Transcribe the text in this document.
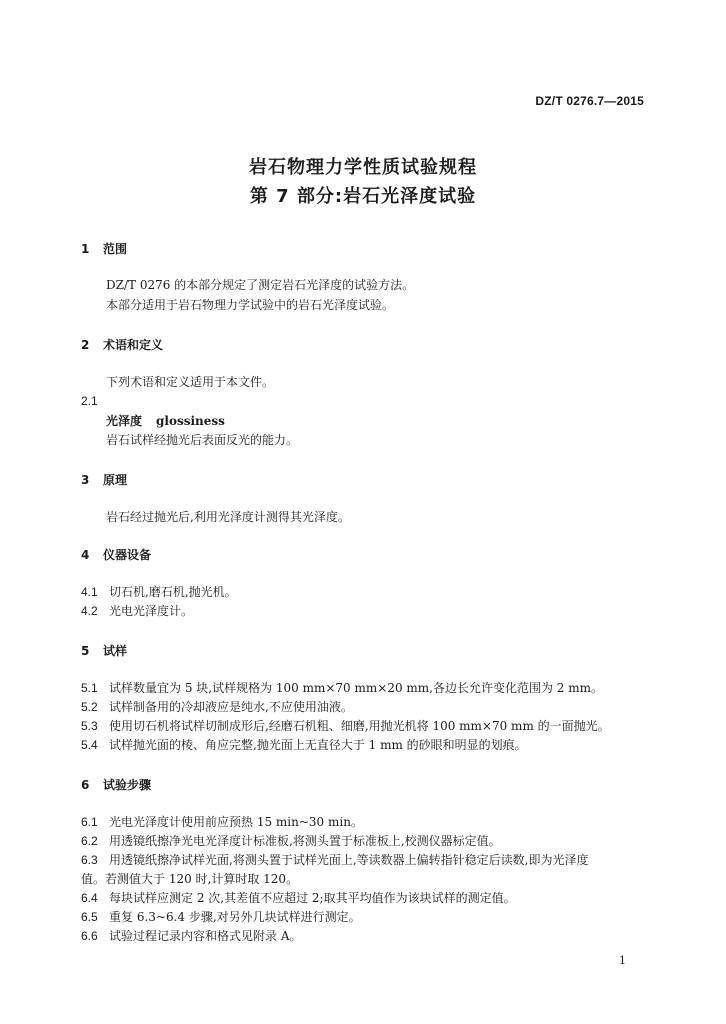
DZ/T 0276.7—2015
岩石物理力学性质试验规程
第 7 部分:岩石光泽度试验
1 范围
DZ/T 0276 的本部分规定了测定岩石光泽度的试验方法。
本部分适用于岩石物理力学试验中的岩石光泽度试验。
2 术语和定义
下列术语和定义适用于本文件。
2.1
光泽度 glossiness
岩石试样经抛光后表面反光的能力。
3 原理
岩石经过抛光后,利用光泽度计测得其光泽度。
4 仪器设备
4.1 切石机,磨石机,抛光机。
4.2 光电光泽度计。
5 试样
5.1 试样数量宜为 5 块,试样规格为 100 mm×70 mm×20 mm,各边长允许变化范围为 2 mm。
5.2 试样制备用的冷却液应是纯水,不应使用油液。
5.3 使用切石机将试样切制成形后,经磨石机粗、细磨,用抛光机将 100 mm×70 mm 的一面抛光。
5.4 试样抛光面的棱、角应完整,抛光面上无直径大于 1 mm 的砂眼和明显的划痕。
6 试验步骤
6.1 光电光泽度计使用前应预热 15 min~30 min。
6.2 用透镜纸擦净光电光泽度计标准板,将测头置于标准板上,校测仪器标定值。
6.3 用透镜纸擦净试样光面,将测头置于试样光面上,等读数器上偏转指针稳定后读数,即为光泽度
值。若测值大于 120 时,计算时取 120。
6.4 每块试样应测定 2 次,其差值不应超过 2;取其平均值作为该块试样的测定值。
6.5 重复 6.3~6.4 步骤,对另外几块试样进行测定。
6.6 试验过程记录内容和格式见附录 A。
1
